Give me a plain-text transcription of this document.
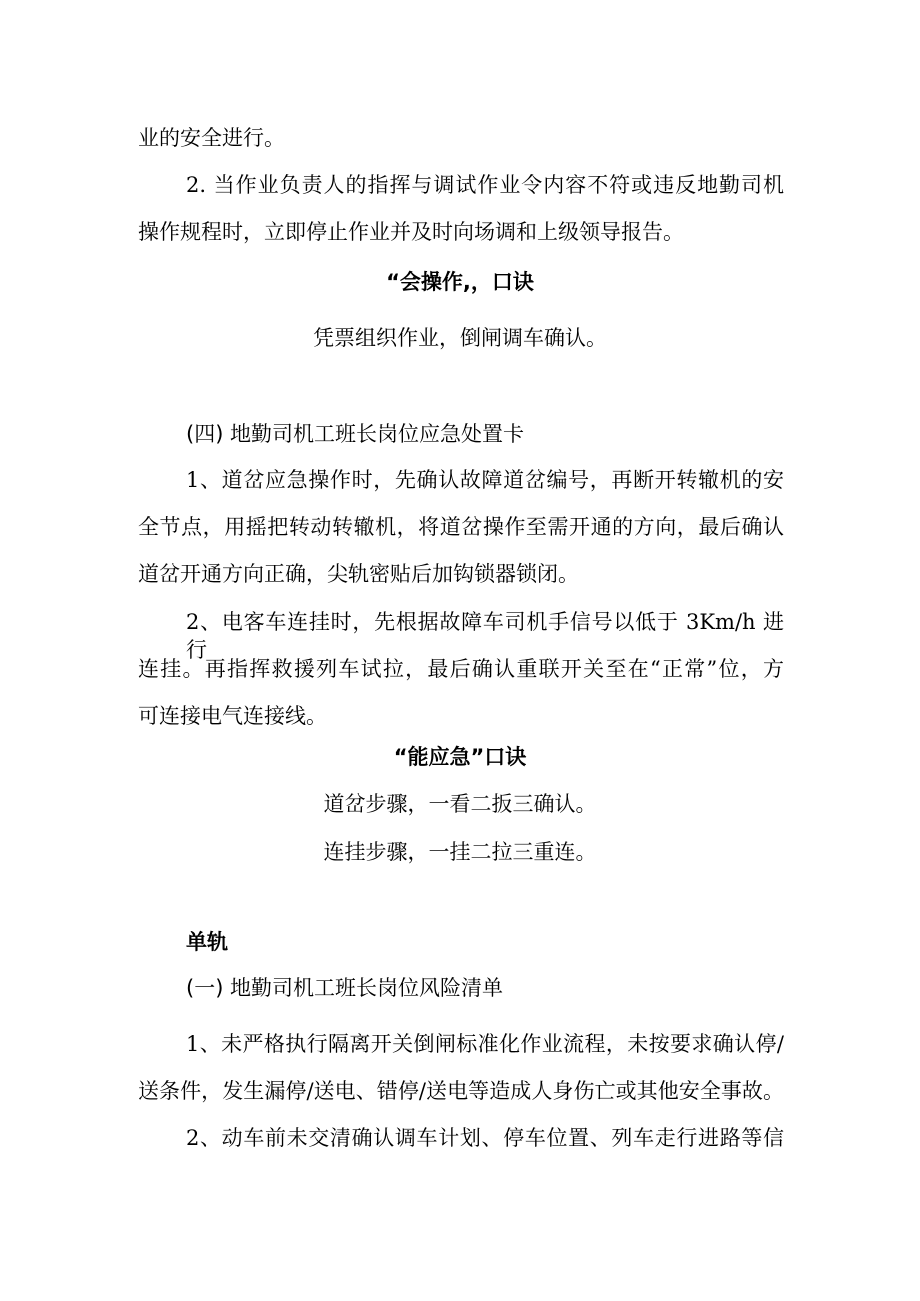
业的安全进行。
2. 当作业负责人的指挥与调试作业令内容不符或违反地勤司机
操作规程时，立即停止作业并及时向场调和上级领导报告。
“会操作,，口诀
凭票组织作业，倒闸调车确认。
(四) 地勤司机工班长岗位应急处置卡
1、道岔应急操作时，先确认故障道岔编号，再断开转辙机的安
全节点，用摇把转动转辙机，将道岔操作至需开通的方向，最后确认
道岔开通方向正确，尖轨密贴后加钩锁器锁闭。
2、电客车连挂时，先根据故障车司机手信号以低于 3Km/h 进行
连挂。再指挥救援列车试拉，最后确认重联开关至在“正常”位，方
可连接电气连接线。
“能应急”口诀
道岔步骤，一看二扳三确认。
连挂步骤，一挂二拉三重连。
单轨
(一) 地勤司机工班长岗位风险清单
1、未严格执行隔离开关倒闸标准化作业流程，未按要求确认停/
送条件，发生漏停/送电、错停/送电等造成人身伤亡或其他安全事故。
2、动车前未交清确认调车计划、停车位置、列车走行进路等信
